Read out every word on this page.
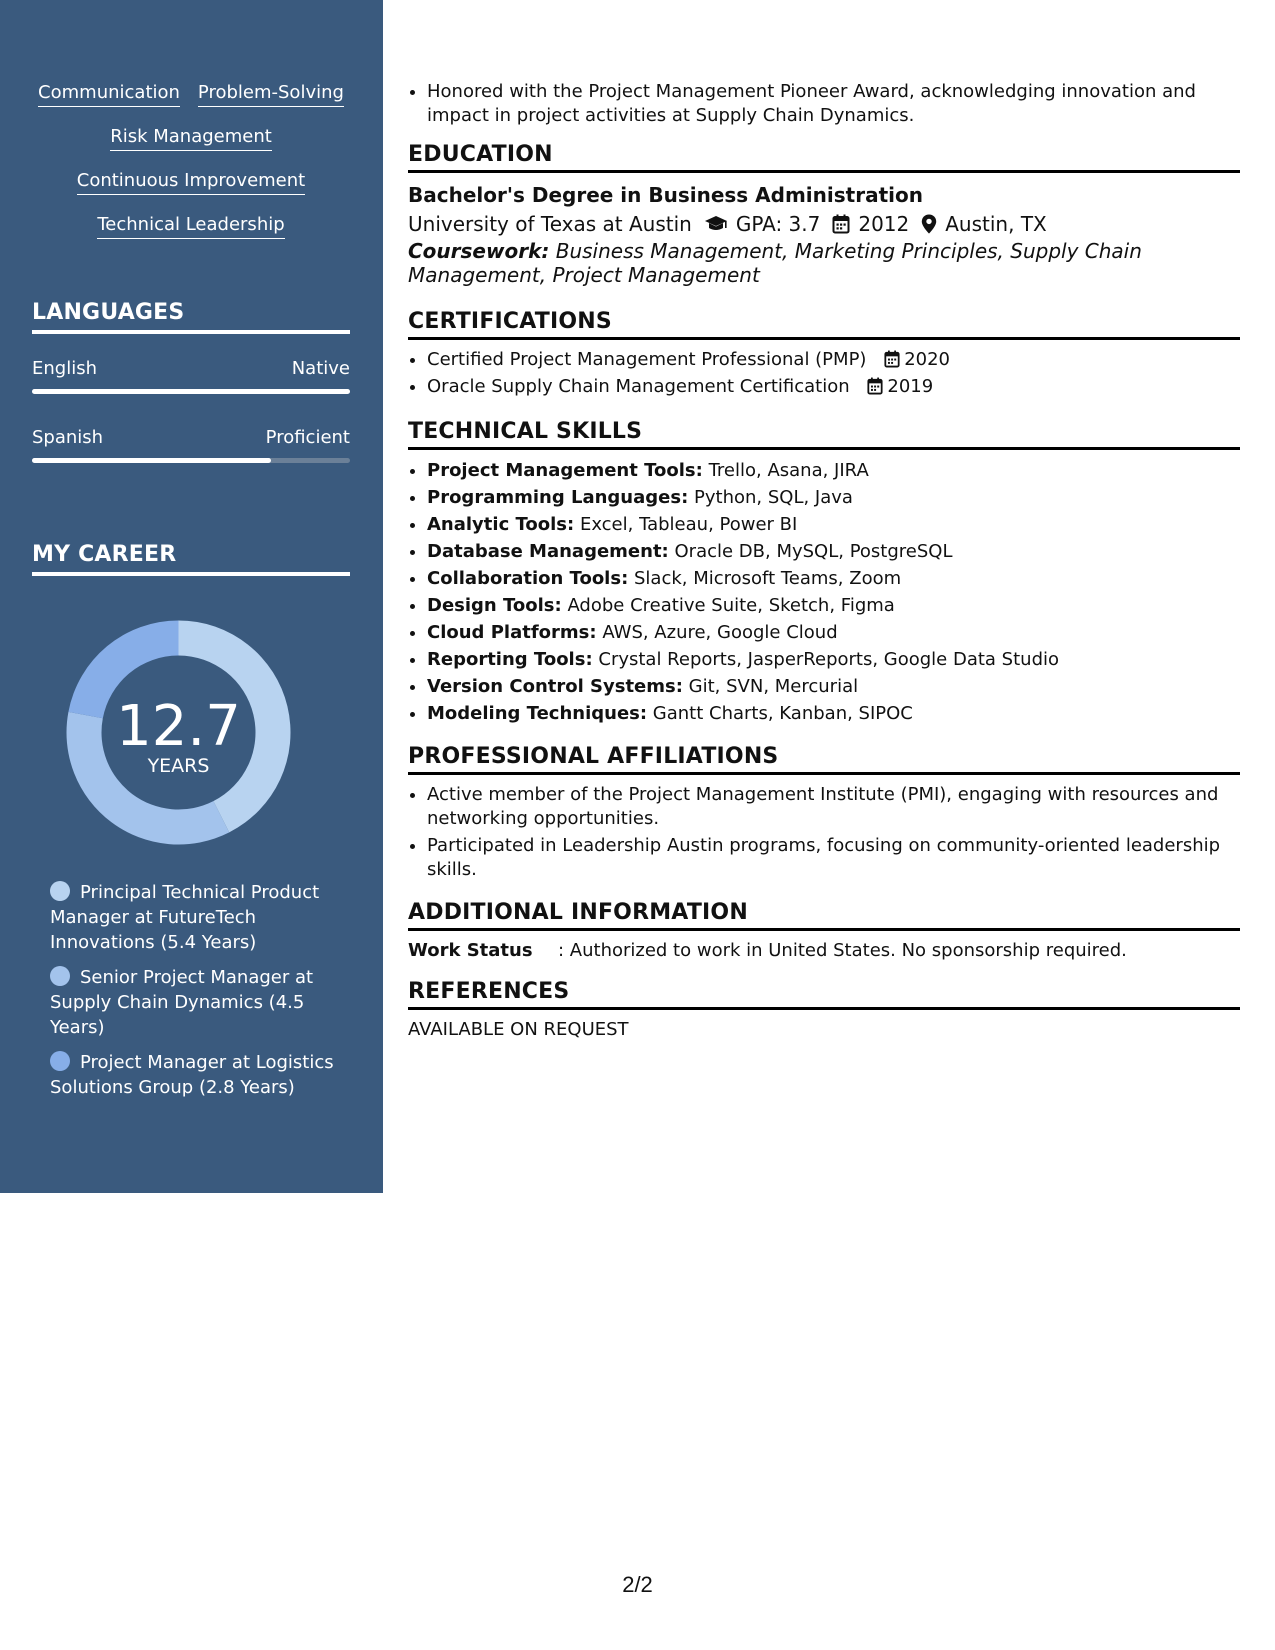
Communication Problem-Solving
Risk Management
Continuous Improvement
Technical Leadership
LANGUAGES
English	Native
Spanish	Proficient
MY CAREER
12.7
YEARS
Principal Technical Product Manager at FutureTech Innovations (5.4 Years)
Senior Project Manager at Supply Chain Dynamics (4.5 Years)
Project Manager at Logistics Solutions Group (2.8 Years)
• Honored with the Project Management Pioneer Award, acknowledging innovation and impact in project activities at Supply Chain Dynamics.
EDUCATION
Bachelor's Degree in Business Administration
University of Texas at Austin GPA: 3.7 2012 Austin, TX
Coursework: Business Management, Marketing Principles, Supply Chain Management, Project Management
CERTIFICATIONS
• Certified Project Management Professional (PMP) 2020
• Oracle Supply Chain Management Certification 2019
TECHNICAL SKILLS
• Project Management Tools: Trello, Asana, JIRA
• Programming Languages: Python, SQL, Java
• Analytic Tools: Excel, Tableau, Power BI
• Database Management: Oracle DB, MySQL, PostgreSQL
• Collaboration Tools: Slack, Microsoft Teams, Zoom
• Design Tools: Adobe Creative Suite, Sketch, Figma
• Cloud Platforms: AWS, Azure, Google Cloud
• Reporting Tools: Crystal Reports, JasperReports, Google Data Studio
• Version Control Systems: Git, SVN, Mercurial
• Modeling Techniques: Gantt Charts, Kanban, SIPOC
PROFESSIONAL AFFILIATIONS
• Active member of the Project Management Institute (PMI), engaging with resources and networking opportunities.
• Participated in Leadership Austin programs, focusing on community-oriented leadership skills.
ADDITIONAL INFORMATION
Work Status	: Authorized to work in United States. No sponsorship required.
REFERENCES
AVAILABLE ON REQUEST
2/2
